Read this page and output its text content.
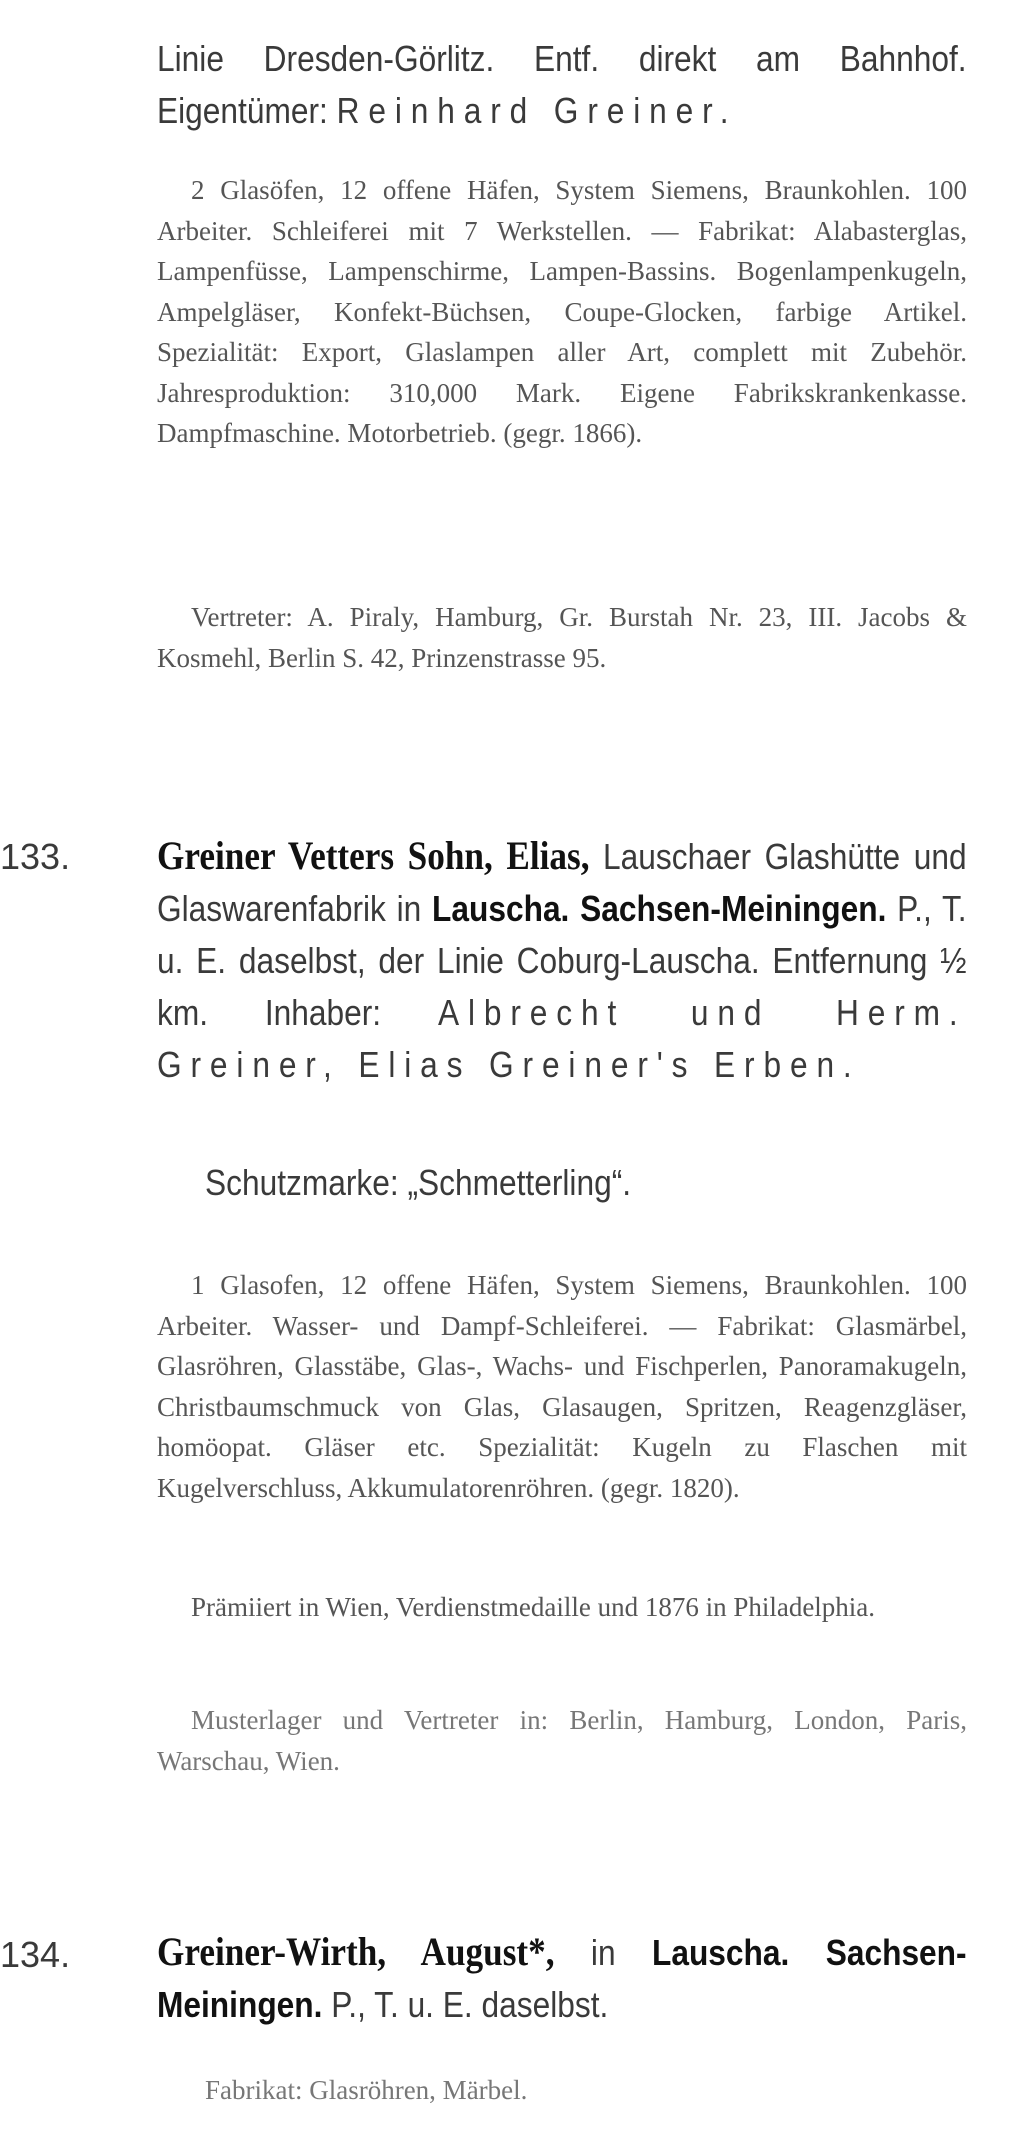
Linie Dresden-Görlitz. Entf. direkt am Bahnhof. Eigentümer: Reinhard Greiner.

2 Glasöfen, 12 offene Häfen, System Siemens, Braunkohlen. 100 Arbeiter. Schleiferei mit 7 Werkstellen. — Fabrikat: Alabasterglas, Lampenfüsse, Lampenschirme, Lampen-Bassins. Bogenlampenkugeln, Ampelgläser, Konfekt-Büchsen, Coupe-Glocken, farbige Artikel. Spezialität: Export, Glaslampen aller Art, complett mit Zubehör. Jahresproduktion: 310,000 Mark. Eigene Fabrikskrankenkasse. Dampfmaschine. Motorbetrieb. (gegr. 1866).

Vertreter: A. Piraly, Hamburg, Gr. Burstah Nr. 23, III. Jacobs & Kosmehl, Berlin S. 42, Prinzenstrasse 95.

133. Greiner Vetters Sohn, Elias, Lauschaer Glashütte und Glaswarenfabrik in Lauscha. Sachsen-Meiningen. P., T. u. E. daselbst, der Linie Coburg-Lauscha. Entfernung ½ km. Inhaber: Albrecht und Herm. Greiner, Elias Greiner's Erben.

Schutzmarke: „Schmetterling“.

1 Glasofen, 12 offene Häfen, System Siemens, Braunkohlen. 100 Arbeiter. Wasser- und Dampf-Schleiferei. — Fabrikat: Glasmärbel, Glasröhren, Glasstäbe, Glas-, Wachs- und Fischperlen, Panoramakugeln, Christbaumschmuck von Glas, Glasaugen, Spritzen, Reagenzgläser, homöopat. Gläser etc. Spezialität: Kugeln zu Flaschen mit Kugelverschluss, Akkumulatorenröhren. (gegr. 1820).

Prämiiert in Wien, Verdienstmedaille und 1876 in Philadelphia.

Musterlager und Vertreter in: Berlin, Hamburg, London, Paris, Warschau, Wien.

134. Greiner-Wirth, August*, in Lauscha. Sachsen-Meiningen. P., T. u. E. daselbst.

Fabrikat: Glasröhren, Märbel.
